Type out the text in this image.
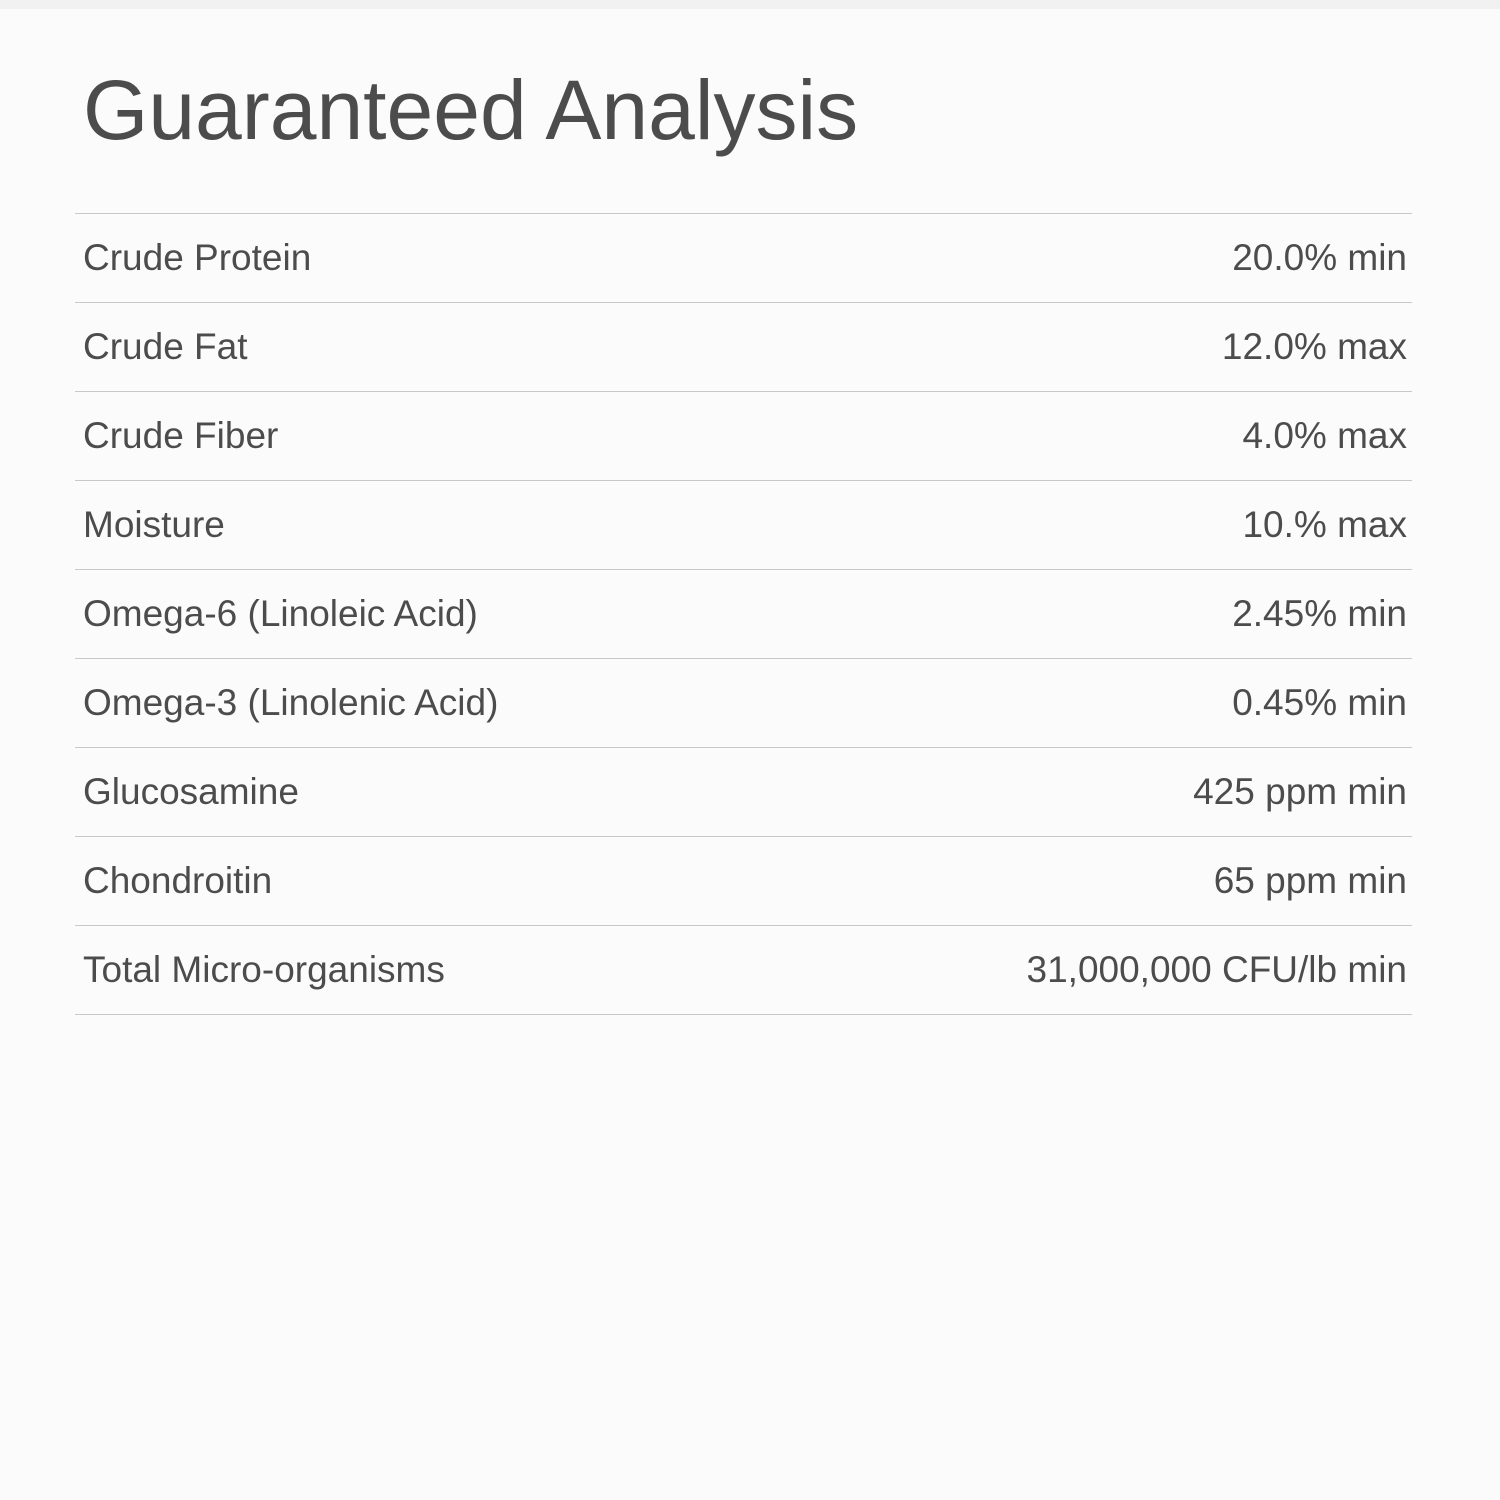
Guaranteed Analysis
Crude Protein	20.0% min
Crude Fat	12.0% max
Crude Fiber	4.0% max
Moisture	10.% max
Omega-6 (Linoleic Acid)	2.45% min
Omega-3 (Linolenic Acid)	0.45% min
Glucosamine	425 ppm min
Chondroitin	65 ppm min
Total Micro-organisms	31,000,000 CFU/lb min
